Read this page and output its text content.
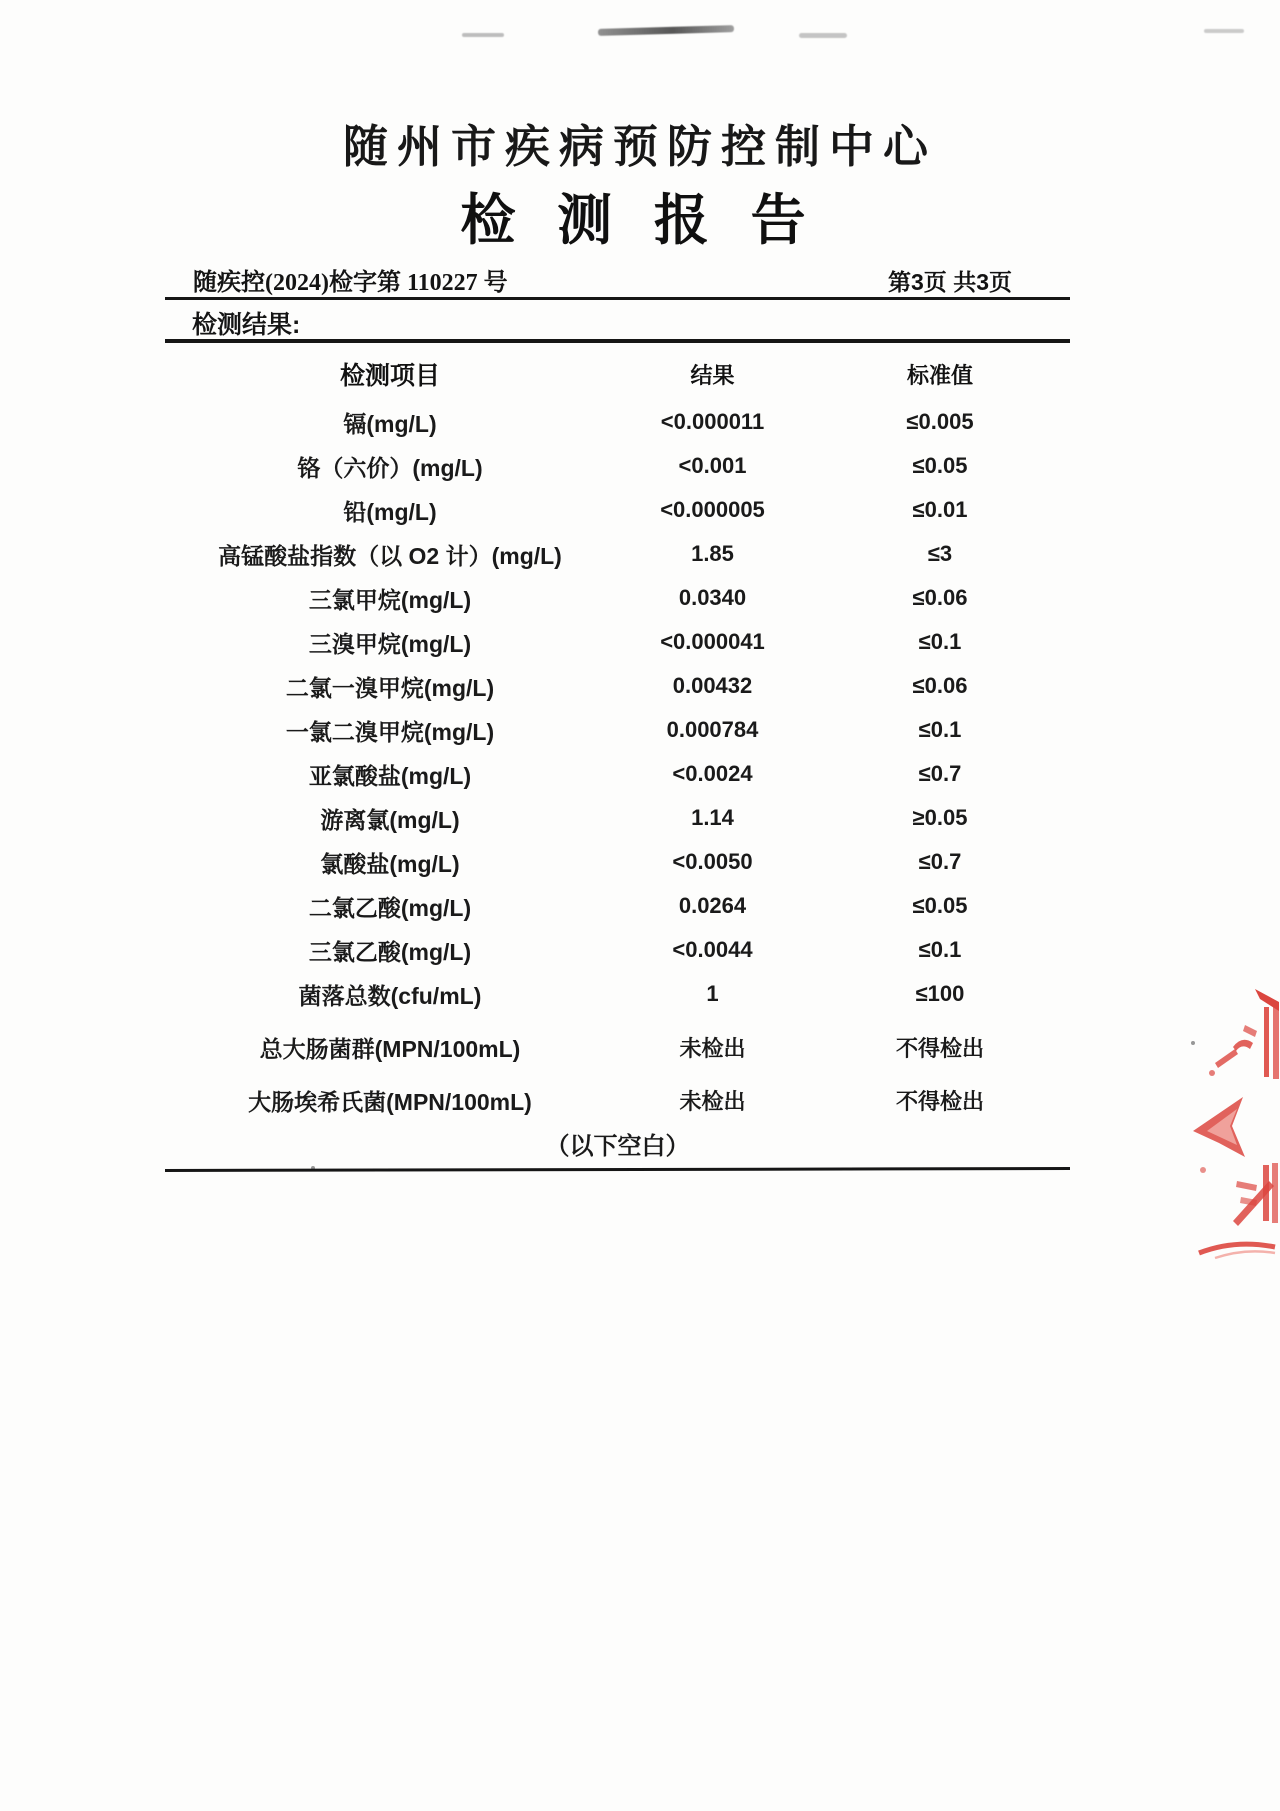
随州市疾病预防控制中心
检 测 报 告
随疾控(2024)检字第 110227 号	第3页 共3页
检测结果:
检测项目	结果	标准值
镉(mg/L)	<0.000011	≤0.005
铬（六价）(mg/L)	<0.001	≤0.05
铅(mg/L)	<0.000005	≤0.01
高锰酸盐指数（以 O2 计）(mg/L)	1.85	≤3
三氯甲烷(mg/L)	0.0340	≤0.06
三溴甲烷(mg/L)	<0.000041	≤0.1
二氯一溴甲烷(mg/L)	0.00432	≤0.06
一氯二溴甲烷(mg/L)	0.000784	≤0.1
亚氯酸盐(mg/L)	<0.0024	≤0.7
游离氯(mg/L)	1.14	≥0.05
氯酸盐(mg/L)	<0.0050	≤0.7
二氯乙酸(mg/L)	0.0264	≤0.05
三氯乙酸(mg/L)	<0.0044	≤0.1
菌落总数(cfu/mL)	1	≤100
总大肠菌群(MPN/100mL)	未检出	不得检出
大肠埃希氏菌(MPN/100mL)	未检出	不得检出
（以下空白）
